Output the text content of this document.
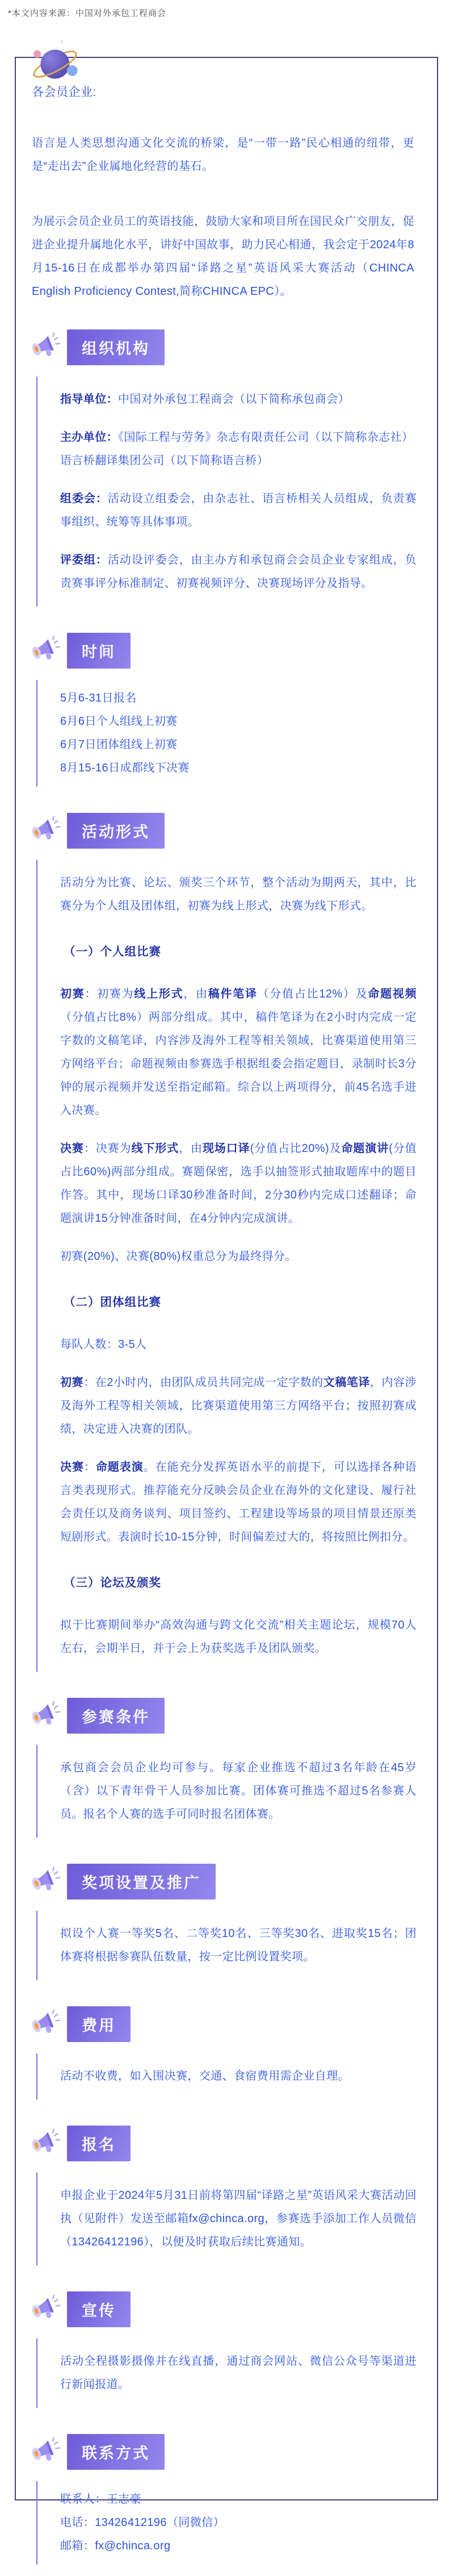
*本文内容来源：中国对外承包工程商会
各会员企业:
语言是人类思想沟通文化交流的桥梁，是“一带一路”民心相通的纽带，更是“走出去”企业属地化经营的基石。
为展示会员企业员工的英语技能，鼓励大家和项目所在国民众广交朋友，促进企业提升属地化水平，讲好中国故事，助力民心相通，我会定于2024年8月15-16日在成都举办第四届“译路之星”英语风采大赛活动（CHINCA English Proficiency Contest,简称CHINCA EPC）。
组织机构
指导单位：中国对外承包工程商会（以下简称承包商会）
主办单位：《国际工程与劳务》杂志有限责任公司（以下简称杂志社）
语言桥翻译集团公司（以下简称语言桥）
组委会：活动设立组委会，由杂志社、语言桥相关人员组成，负责赛事组织、统筹等具体事项。
评委组：活动设评委会，由主办方和承包商会会员企业专家组成，负责赛事评分标准制定、初赛视频评分、决赛现场评分及指导。
时间
5月6-31日报名
6月6日个人组线上初赛
6月7日团体组线上初赛
8月15-16日成都线下决赛
活动形式
活动分为比赛、论坛、颁奖三个环节，整个活动为期两天，其中，比赛分为个人组及团体组，初赛为线上形式，决赛为线下形式。
（一）个人组比赛
初赛：初赛为线上形式，由稿件笔译（分值占比12%）及命题视频（分值占比8%）两部分组成。其中，稿件笔译为在2小时内完成一定字数的文稿笔译，内容涉及海外工程等相关领域，比赛渠道使用第三方网络平台；命题视频由参赛选手根据组委会指定题目，录制时长3分钟的展示视频并发送至指定邮箱。综合以上两项得分，前45名选手进入决赛。
决赛：决赛为线下形式，由现场口译(分值占比20%)及命题演讲(分值占比60%)两部分组成。赛题保密，选手以抽签形式抽取题库中的题目作答。其中，现场口译30秒准备时间，2分30秒内完成口述翻译；命题演讲15分钟准备时间，在4分钟内完成演讲。
初赛(20%)、决赛(80%)权重总分为最终得分。
（二）团体组比赛
每队人数：3-5人
初赛：在2小时内，由团队成员共同完成一定字数的文稿笔译，内容涉及海外工程等相关领域，比赛渠道使用第三方网络平台；按照初赛成绩，决定进入决赛的团队。
决赛：命题表演。在能充分发挥英语水平的前提下，可以选择各种语言类表现形式。推荐能充分反映会员企业在海外的文化建设、履行社会责任以及商务谈判、项目签约、工程建设等场景的项目情景还原类短剧形式。表演时长10-15分钟，时间偏差过大的，将按照比例扣分。
（三）论坛及颁奖
拟于比赛期间举办“高效沟通与跨文化交流”相关主题论坛，规模70人左右，会期半日，并于会上为获奖选手及团队颁奖。
参赛条件
承包商会会员企业均可参与。每家企业推选不超过3名年龄在45岁（含）以下青年骨干人员参加比赛。团体赛可推选不超过5名参赛人员。报名个人赛的选手可同时报名团体赛。
奖项设置及推广
拟设个人赛一等奖5名、二等奖10名、三等奖30名、进取奖15名；团体赛将根据参赛队伍数量，按一定比例设置奖项。
费用
活动不收费，如入围决赛，交通、食宿费用需企业自理。
报名
申报企业于2024年5月31日前将第四届“译路之星”英语风采大赛活动回执（见附件）发送至邮箱fx@chinca.org，参赛选手添加工作人员微信（13426412196），以便及时获取后续比赛通知。
宣传
活动全程摄影摄像并在线直播，通过商会网站、微信公众号等渠道进行新闻报道。
联系方式
联系人：王志豪
电话：13426412196（同微信）
邮箱：fx@chinca.org
